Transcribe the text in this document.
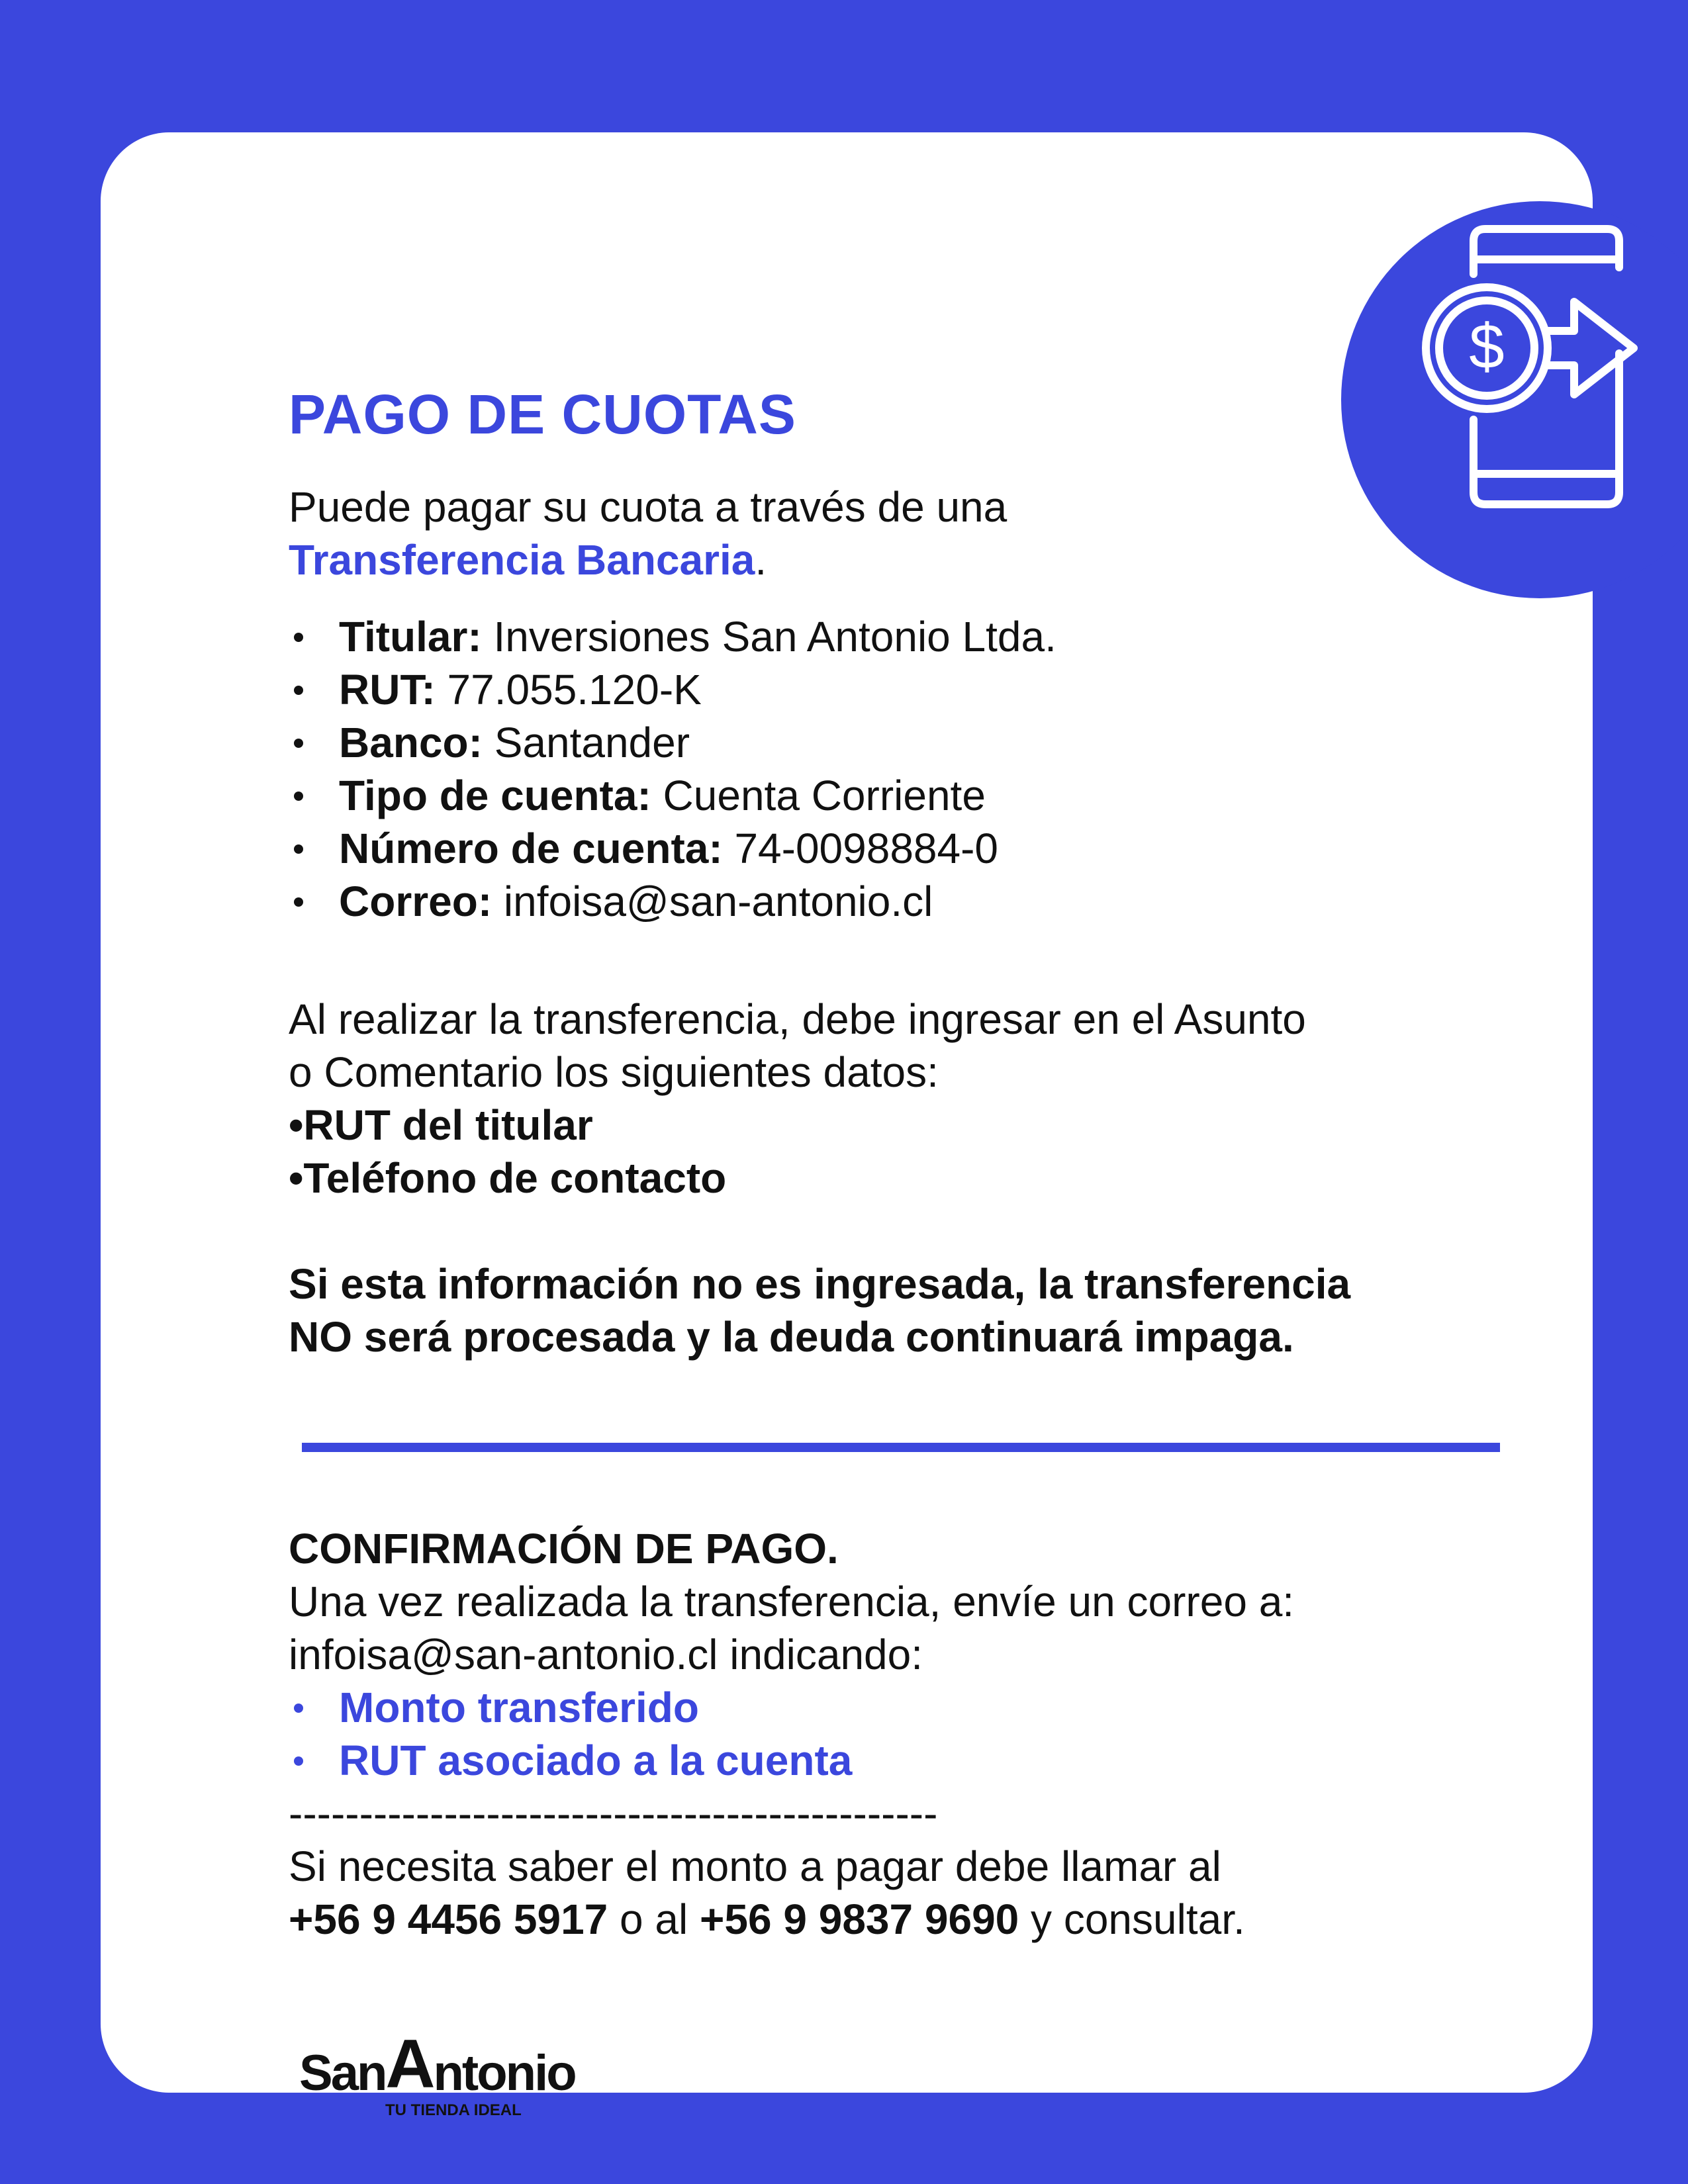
$
PAGO DE CUOTAS
Puede pagar su cuota a través de una
Transferencia Bancaria.
Titular: Inversiones San Antonio Ltda.
RUT: 77.055.120-K
Banco: Santander
Tipo de cuenta: Cuenta Corriente
Número de cuenta: 74-0098884-0
Correo: infoisa@san-antonio.cl
Al realizar la transferencia, debe ingresar en el Asunto
o Comentario los siguientes datos:
•RUT del titular
•Teléfono de contacto
Si esta información no es ingresada, la transferencia
NO será procesada y la deuda continuará impaga.
CONFIRMACIÓN DE PAGO.
Una vez realizada la transferencia, envíe un correo a:
infoisa@san-antonio.cl indicando:
Monto transferido
RUT asociado a la cuenta
----------------------------------------------
Si necesita saber el monto a pagar debe llamar al
+56 9 4456 5917 o al +56 9 9837 9690 y consultar.
SanAntonio
TU TIENDA IDEAL
